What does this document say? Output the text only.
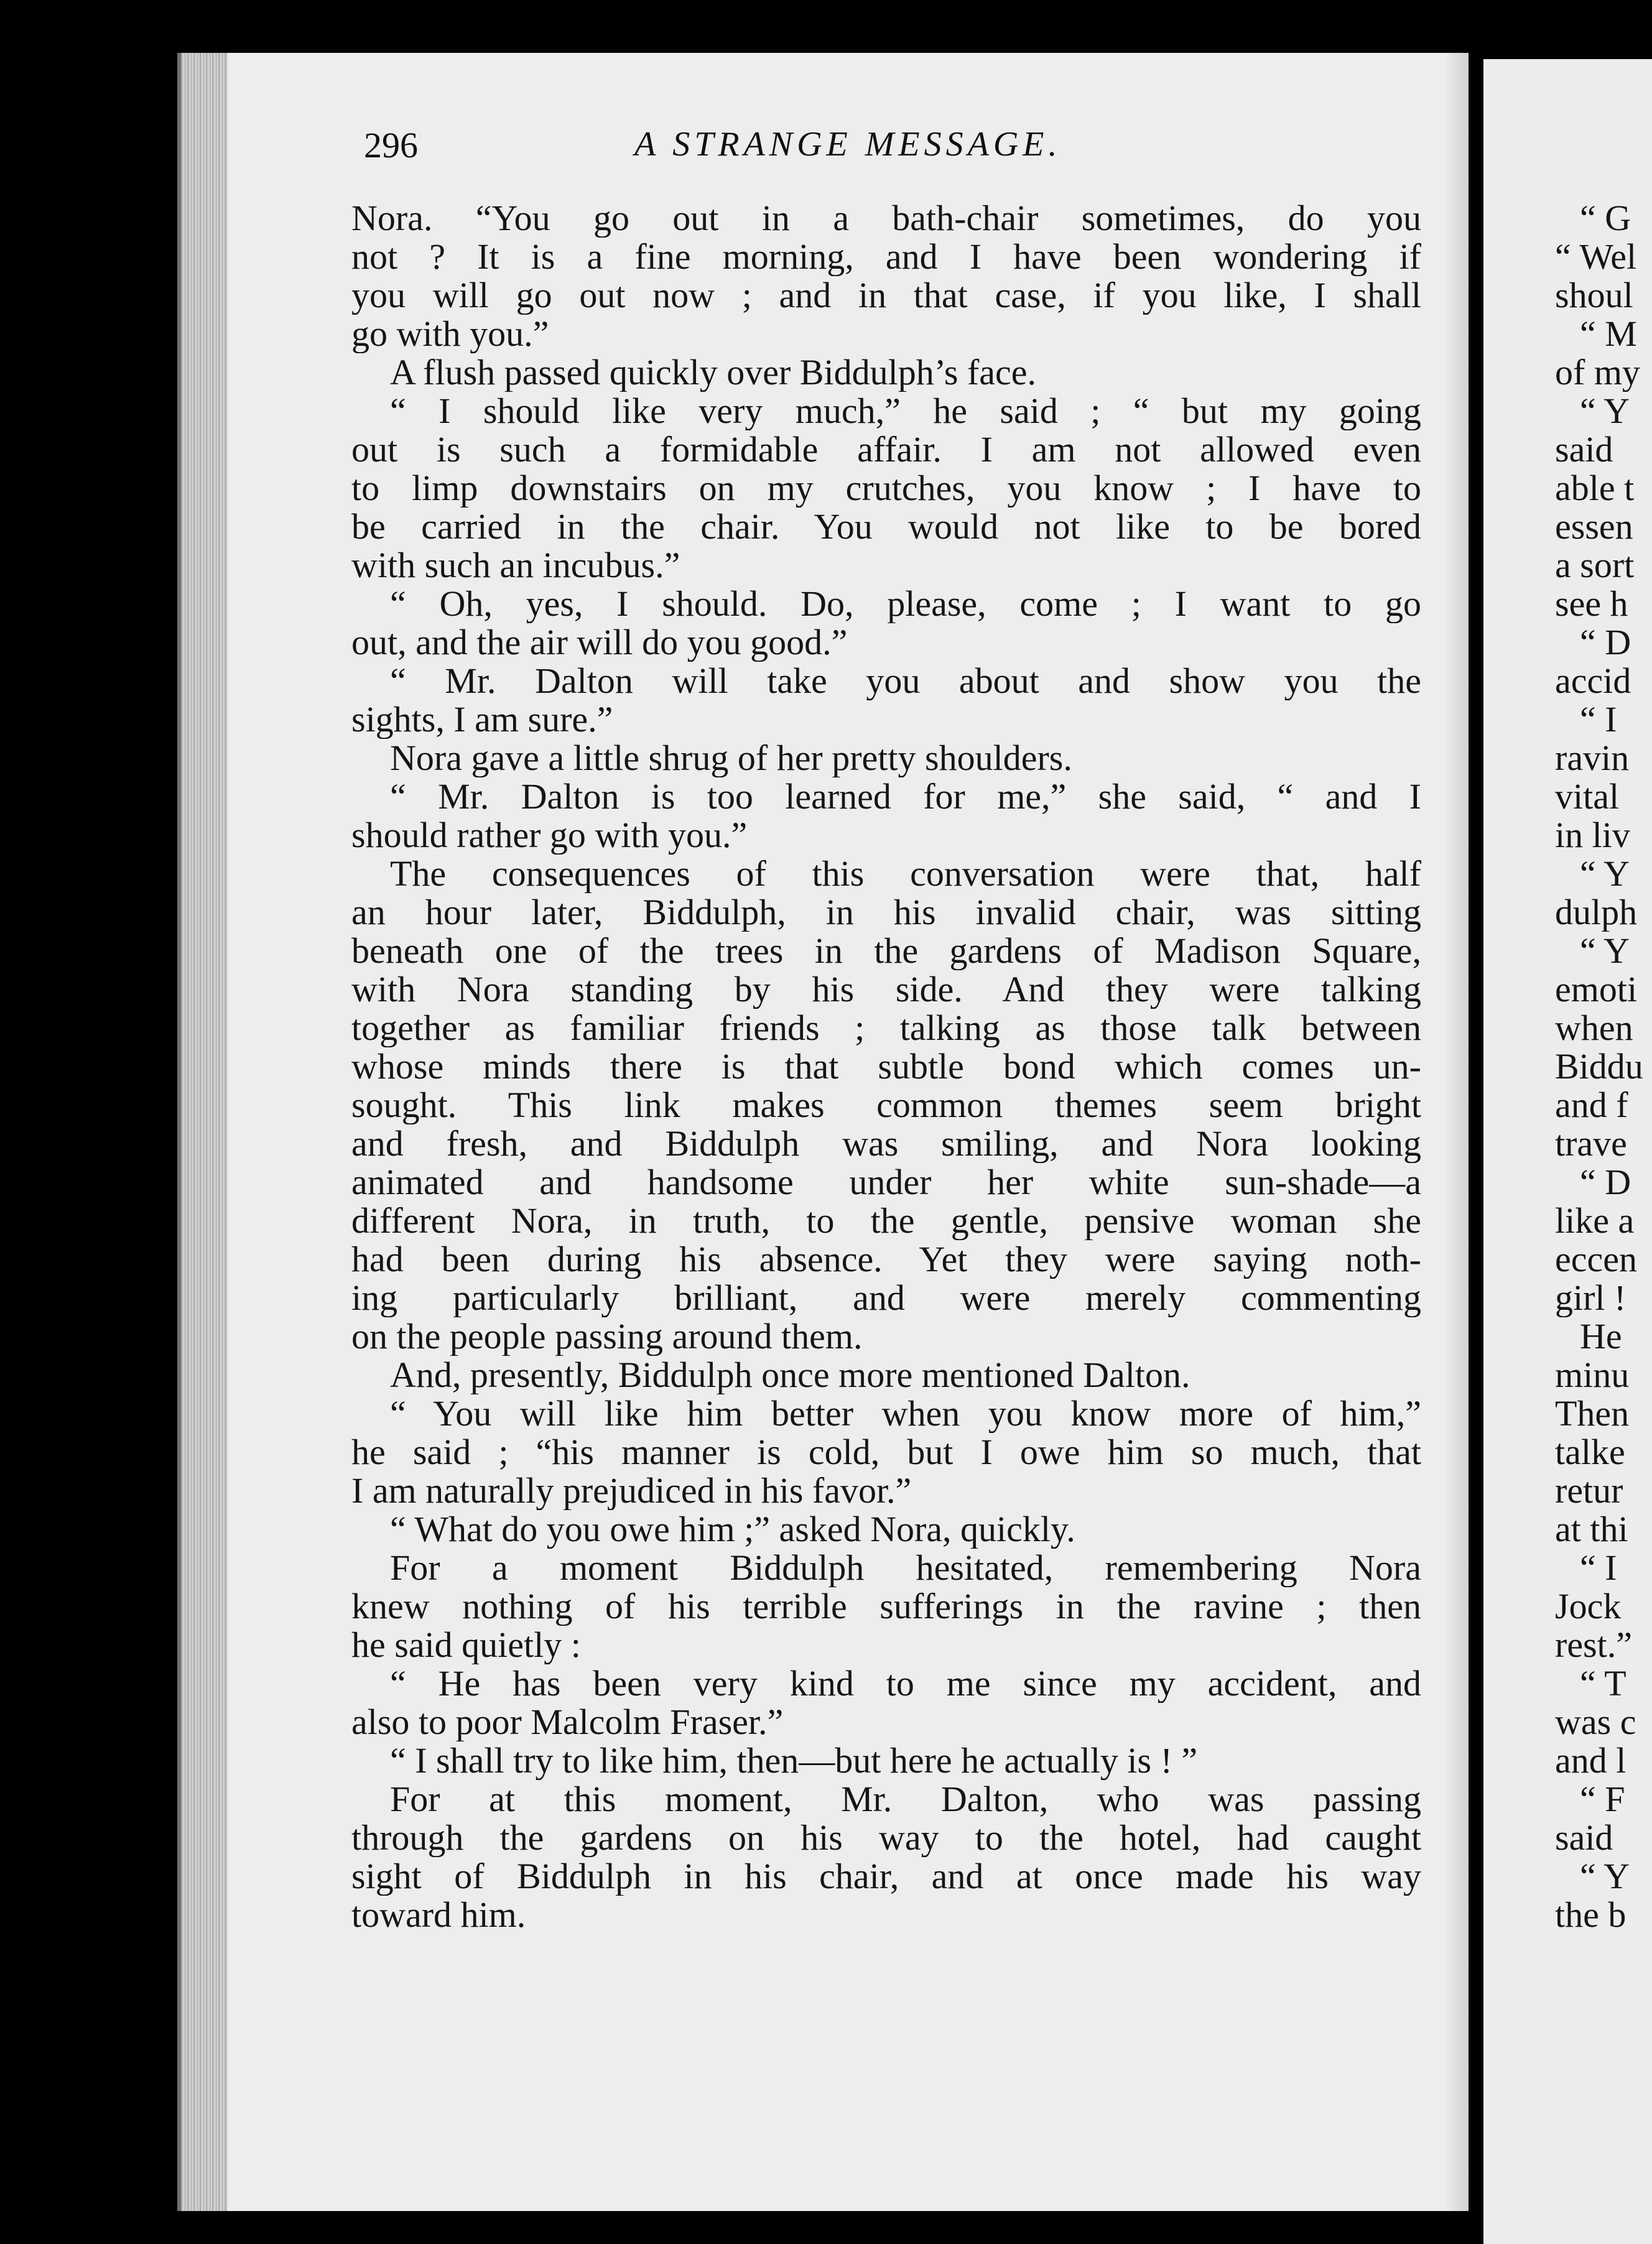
296	A STRANGE MESSAGE.
Nora. “You go out in a bath-chair sometimes, do you
not ? It is a fine morning, and I have been wondering if
you will go out now ; and in that case, if you like, I shall
go with you.”
A flush passed quickly over Biddulph’s face.
“ I should like very much,” he said ; “ but my going
out is such a formidable affair. I am not allowed even
to limp downstairs on my crutches, you know ; I have to
be carried in the chair. You would not like to be bored
with such an incubus.”
“ Oh, yes, I should. Do, please, come ; I want to go
out, and the air will do you good.”
“ Mr. Dalton will take you about and show you the
sights, I am sure.”
Nora gave a little shrug of her pretty shoulders.
“ Mr. Dalton is too learned for me,” she said, “ and I
should rather go with you.”
The consequences of this conversation were that, half
an hour later, Biddulph, in his invalid chair, was sitting
beneath one of the trees in the gardens of Madison Square,
with Nora standing by his side. And they were talking
together as familiar friends ; talking as those talk between
whose minds there is that subtle bond which comes un-
sought. This link makes common themes seem bright
and fresh, and Biddulph was smiling, and Nora looking
animated and handsome under her white sun-shade—a
different Nora, in truth, to the gentle, pensive woman she
had been during his absence. Yet they were saying noth-
ing particularly brilliant, and were merely commenting
on the people passing around them.
And, presently, Biddulph once more mentioned Dalton.
“ You will like him better when you know more of him,”
he said ; “his manner is cold, but I owe him so much, that
I am naturally prejudiced in his favor.”
“ What do you owe him ;” asked Nora, quickly.
For a moment Biddulph hesitated, remembering Nora
knew nothing of his terrible sufferings in the ravine ; then
he said quietly :
“ He has been very kind to me since my accident, and
also to poor Malcolm Fraser.”
“ I shall try to like him, then—but here he actually is ! ”
For at this moment, Mr. Dalton, who was passing
through the gardens on his way to the hotel, had caught
sight of Biddulph in his chair, and at once made his way
toward him.
“ G
“ Wel
shoul
“ M
of my
“ Y
said
able t
essen
a sort
see h
“ D
accid
“ I
ravin
vital
in liv
“ Y
dulph
“ Y
emoti
when
Biddu
and f
trave
“ D
like a
eccen
girl !
He
minu
Then
talke
retur
at thi
“ I
Jock
rest.”
“ T
was c
and l
“ F
said
“ Y
the b
